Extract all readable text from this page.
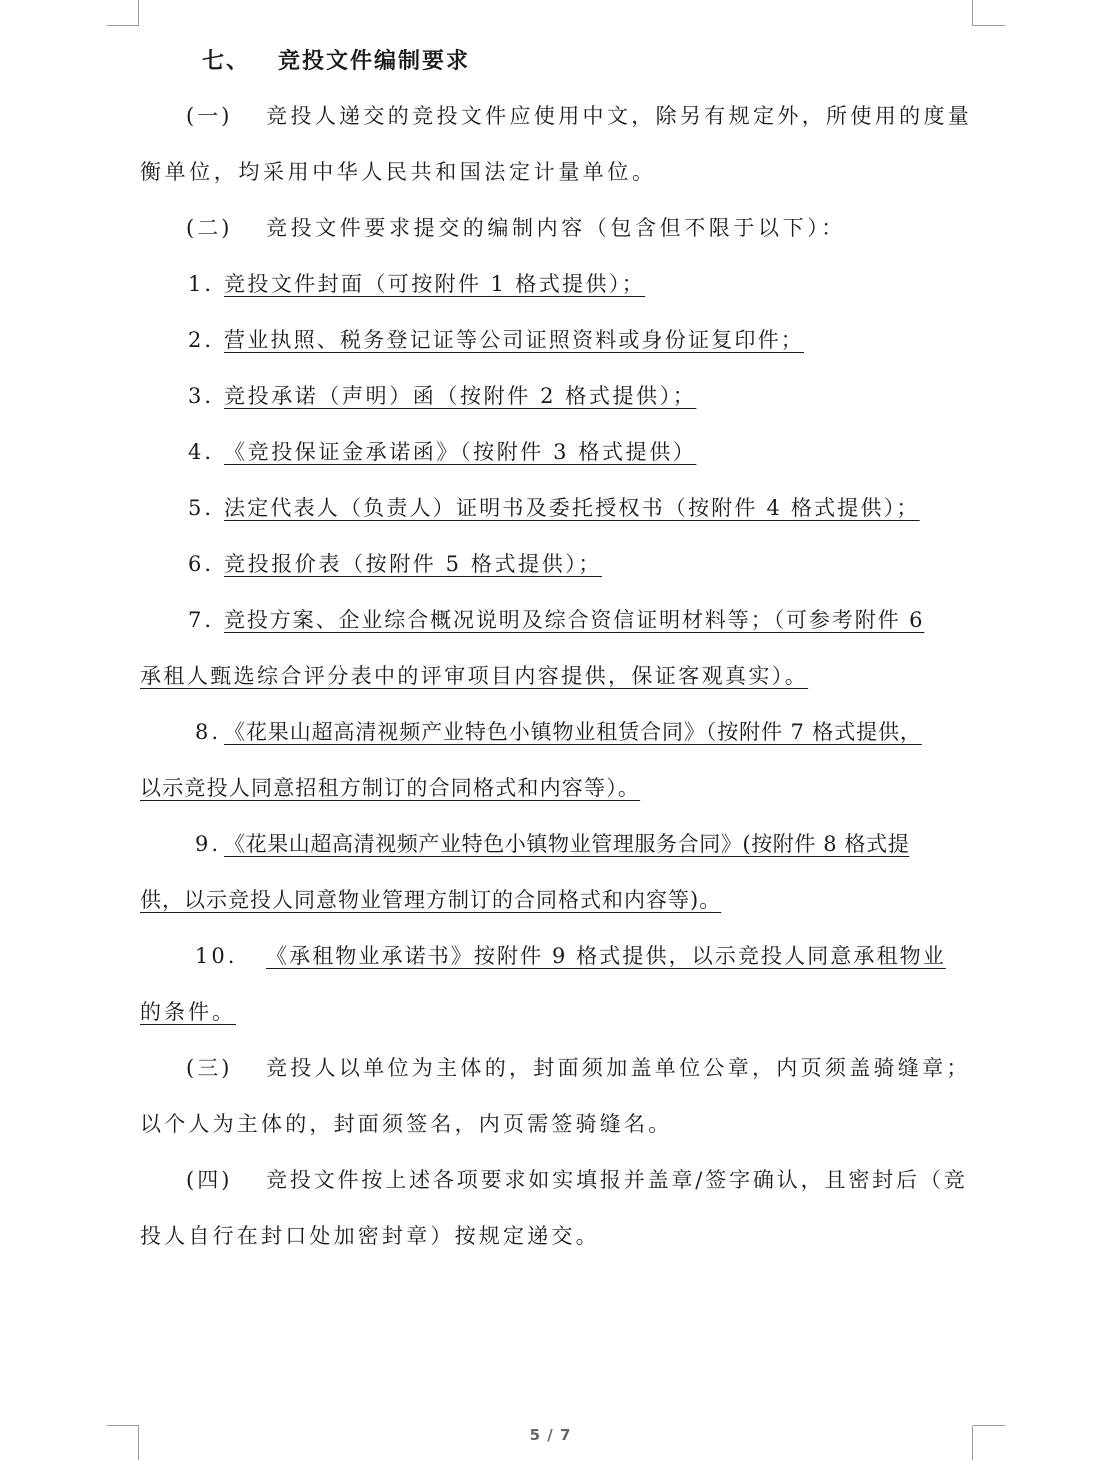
七、 竞投文件编制要求
(一) 竞投人递交的竞投文件应使用中文，除另有规定外，所使用的度量
衡单位，均采用中华人民共和国法定计量单位。
(二) 竞投文件要求提交的编制内容（包含但不限于以下）：
1. 竞投文件封面（可按附件 1 格式提供）；
2. 营业执照、税务登记证等公司证照资料或身份证复印件；
3. 竞投承诺（声明）函（按附件 2 格式提供）；
4. 《竞投保证金承诺函》（按附件 3 格式提供）
5. 法定代表人（负责人）证明书及委托授权书（按附件 4 格式提供）；
6. 竞投报价表（按附件 5 格式提供）；
7. 竞投方案、企业综合概况说明及综合资信证明材料等；（可参考附件 6
承租人甄选综合评分表中的评审项目内容提供，保证客观真实）。
8. 《花果山超高清视频产业特色小镇物业租赁合同》（按附件 7 格式提供，
以示竞投人同意招租方制订的合同格式和内容等）。
9. 《花果山超高清视频产业特色小镇物业管理服务合同》(按附件 8 格式提
供，以示竞投人同意物业管理方制订的合同格式和内容等)。
10. 《承租物业承诺书》按附件 9 格式提供，以示竞投人同意承租物业
的条件。
(三) 竞投人以单位为主体的，封面须加盖单位公章，内页须盖骑缝章；
以个人为主体的，封面须签名，内页需签骑缝名。
(四) 竞投文件按上述各项要求如实填报并盖章/签字确认，且密封后（竞
投人自行在封口处加密封章）按规定递交。
5 / 7
